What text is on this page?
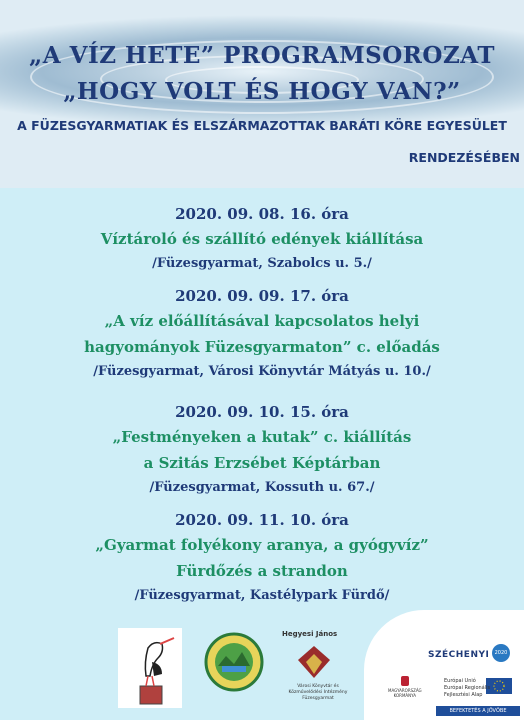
„A VÍZ HETE” PROGRAMSOROZAT
„HOGY VOLT ÉS HOGY VAN?”
A FÜZESGYARMATIAK ÉS ELSZÁRMAZOTTAK BARÁTI KÖRE EGYESÜLET
RENDEZÉSÉBEN
2020. 09. 08. 16. óra
Víztároló és szállító edények kiállítása
/Füzesgyarmat, Szabolcs u. 5./
2020. 09. 09. 17. óra
„A víz előállításával kapcsolatos helyi
hagyományok Füzesgyarmaton” c. előadás
/Füzesgyarmat, Városi Könyvtár Mátyás u. 10./
2020. 09. 10. 15. óra
„Festményeken a kutak” c. kiállítás
a Szitás Erzsébet Képtárban
/Füzesgyarmat, Kossuth u. 67./
2020. 09. 11. 10. óra
„Gyarmat folyékony aranya, a gyógyvíz”
Fürdőzés a strandon
/Füzesgyarmat, Kastélypark Fürdő/
Hegyesi János
Városi Könyvtár és Közművelődési Intézmény Füzesgyarmat
SZÉCHENYI	2020
MAGYARORSZÁG
KORMÁNYA
Európai Unió
Európai Regionális
Fejlesztési Alap
BEFEKTETÉS A JÖVŐBE
